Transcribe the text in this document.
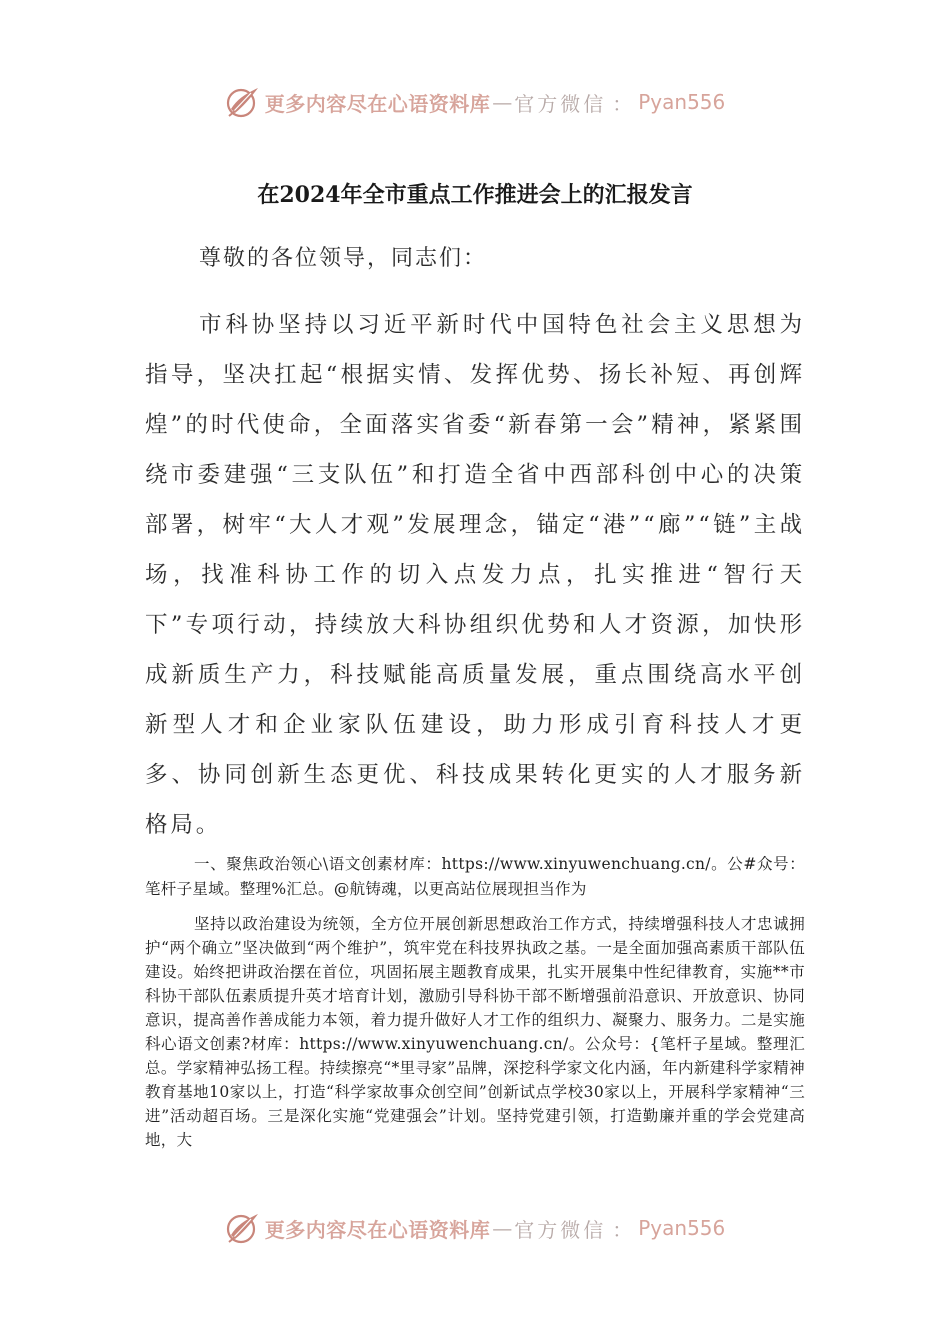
更多内容尽在心语资料库 — 官方微信 ： Pyan556
在2024年全市重点工作推进会上的汇报发言
尊敬的各位领导，同志们：

市科协坚持以习近平新时代中国特色社会主义思想为指导，坚决扛起“根据实情、发挥优势、扬长补短、再创辉煌”的时代使命，全面落实省委“新春第一会”精神，紧紧围绕市委建强“三支队伍”和打造全省中西部科创中心的决策部署，树牢“大人才观”发展理念，锚定“港”“廊”“链”主战场，找准科协工作的切入点发力点，扎实推进“智行天下”专项行动，持续放大科协组织优势和人才资源，加快形成新质生产力，科技赋能高质量发展，重点围绕高水平创新型人才和企业家队伍建设，助力形成引育科技人才更多、协同创新生态更优、科技成果转化更实的人才服务新格局。

一、聚焦政治领心\语文创素材库：https://www.xinyuwenchuang.cn/。公#众号：笔杆子星域。整理%汇总。@航铸魂，以更高站位展现担当作为

坚持以政治建设为统领，全方位开展创新思想政治工作方式，持续增强科技人才忠诚拥护“两个确立”坚决做到“两个维护”，筑牢党在科技界执政之基。一是全面加强高素质干部队伍建设。始终把讲政治摆在首位，巩固拓展主题教育成果，扎实开展集中性纪律教育，实施**市科协干部队伍素质提升英才培育计划，激励引导科协干部不断增强前沿意识、开放意识、协同意识，提高善作善成能力本领，着力提升做好人才工作的组织力、凝聚力、服务力。二是实施科心语文创素?材库：https://www.xinyuwenchuang.cn/。公众号：{笔杆子星域。整理汇总。学家精神弘扬工程。持续擦亮“*里寻家”品牌，深挖科学家文化内涵，年内新建科学家精神教育基地10家以上，打造“科学家故事众创空间”创新试点学校30家以上，开展科学家精神“三进”活动超百场。三是深化实施“党建强会”计划。坚持党建引领，打造勤廉并重的学会党建高地，大

更多内容尽在心语资料库 — 官方微信 ： Pyan556
